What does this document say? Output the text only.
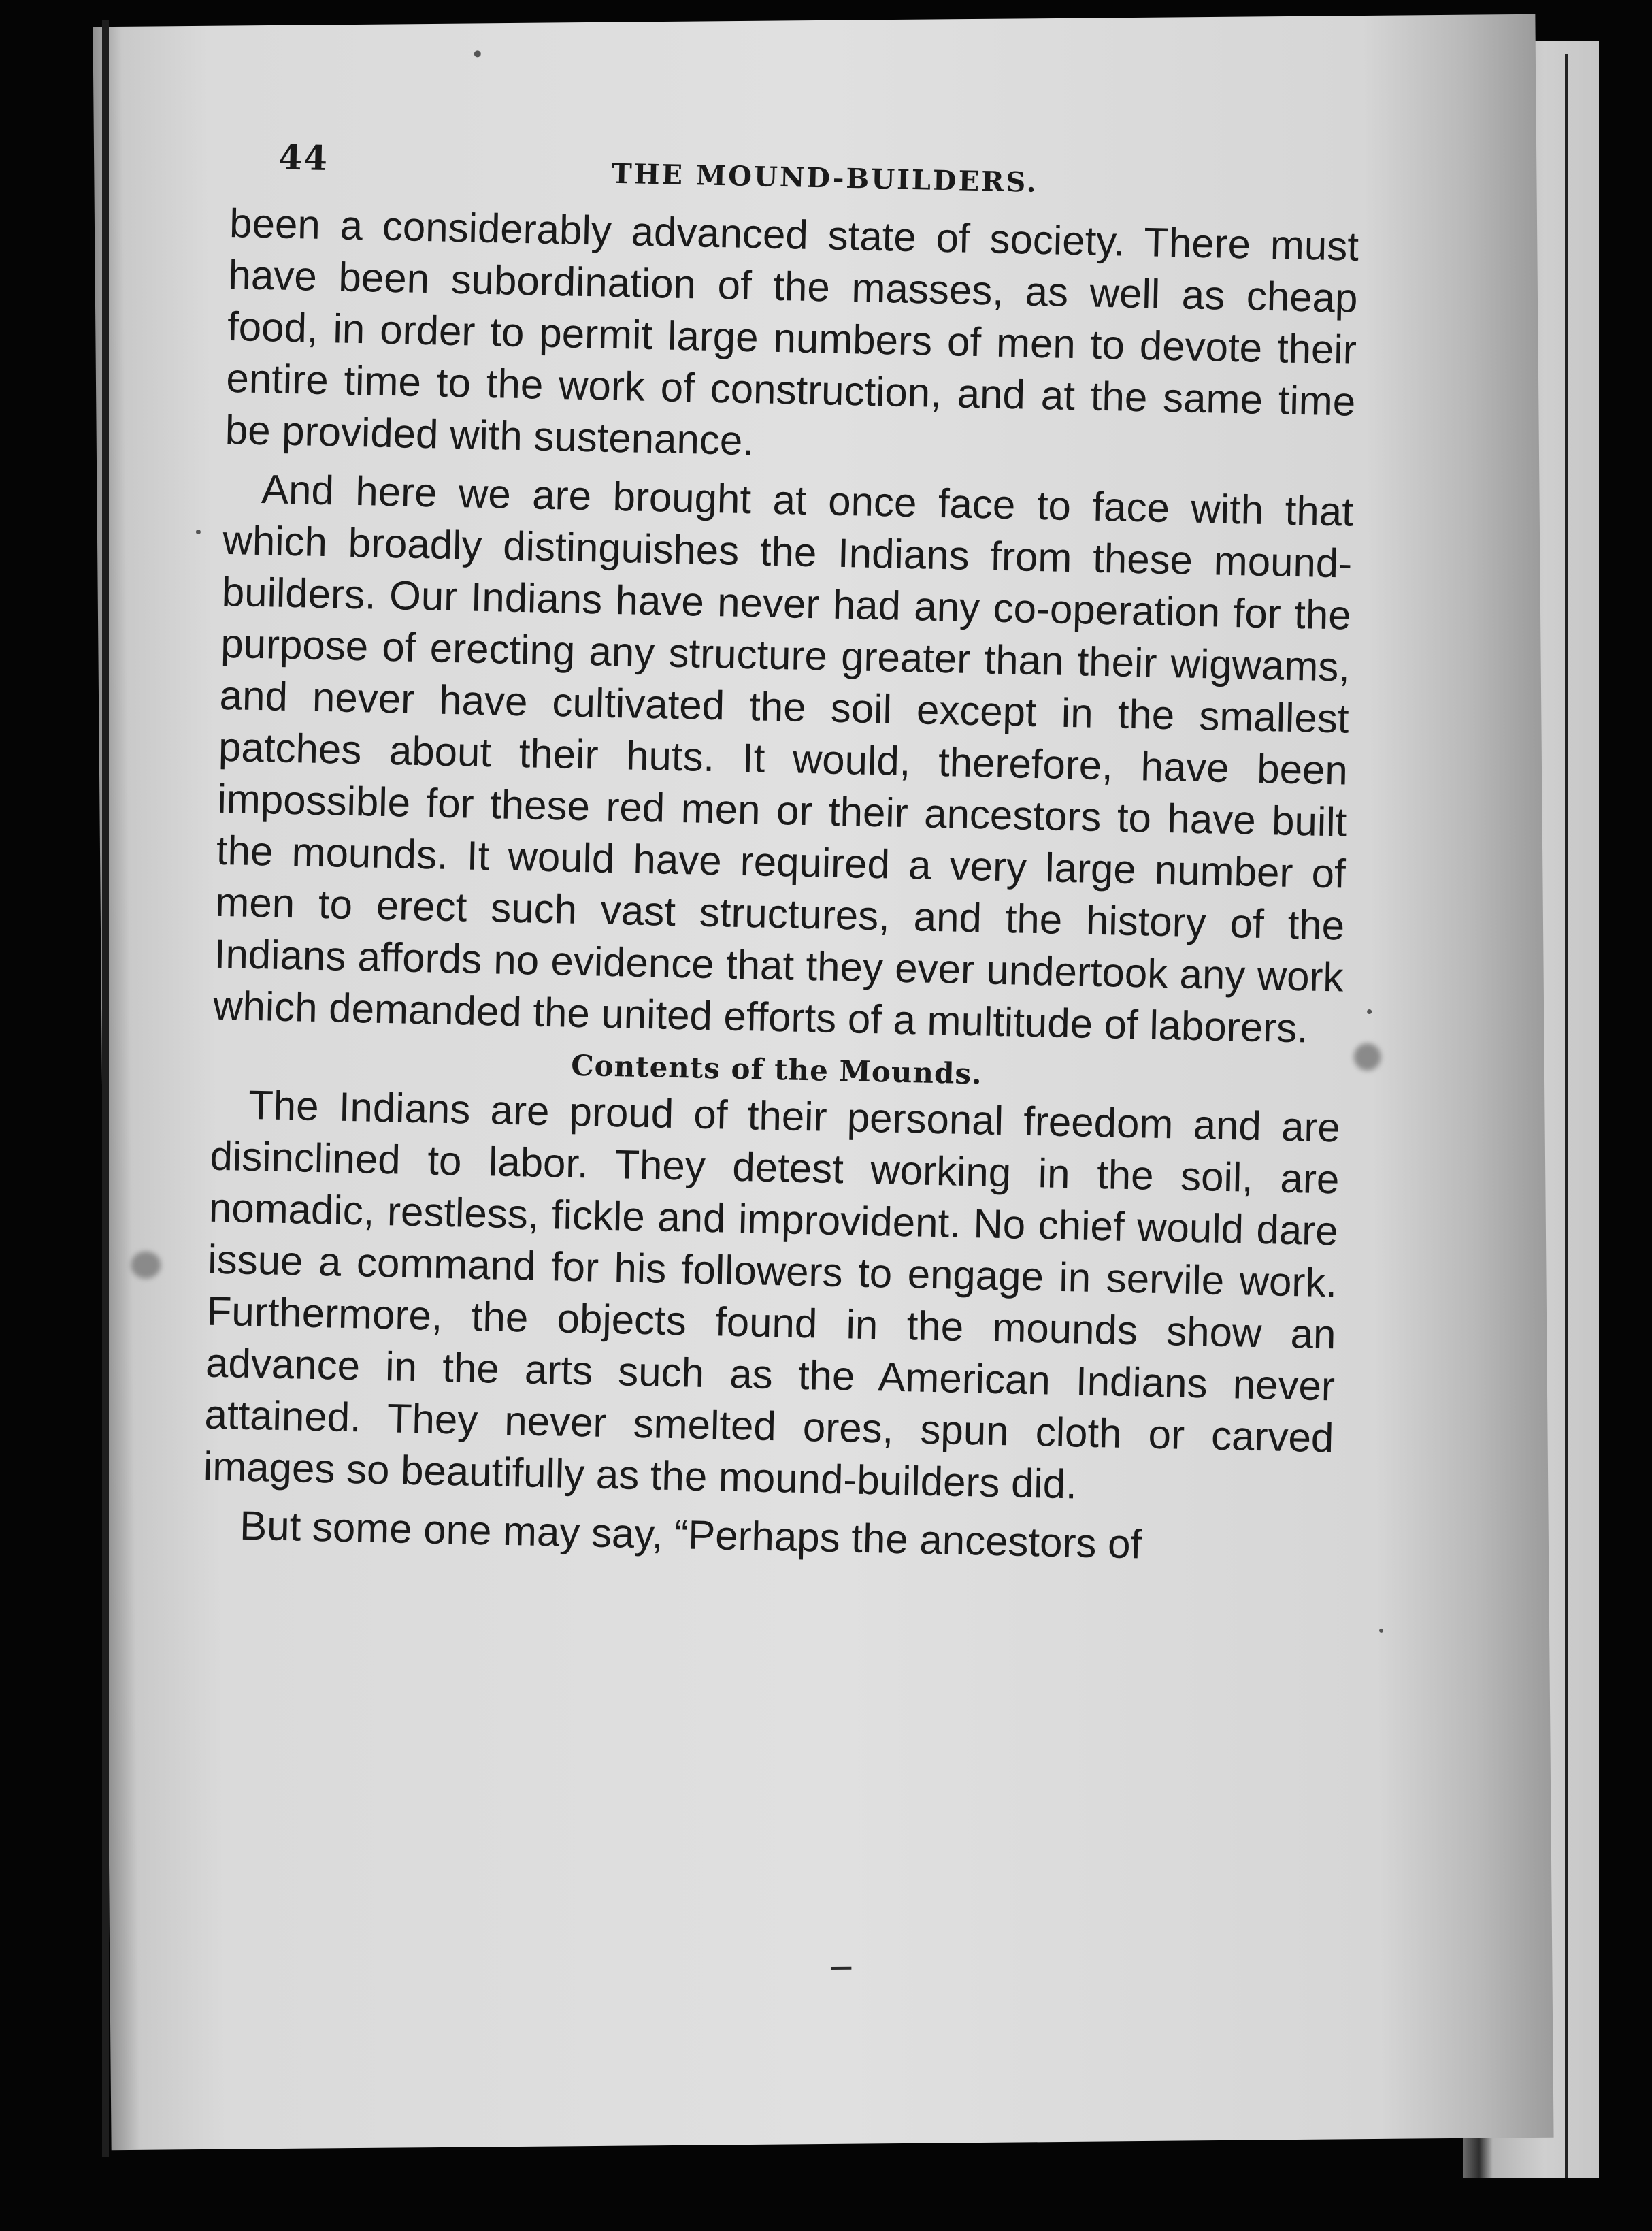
44	THE MOUND-BUILDERS.

been a considerably advanced state of society. There must have been subordination of the masses, as well as cheap food, in order to permit large numbers of men to devote their entire time to the work of construction, and at the same time be provided with sustenance.

And here we are brought at once face to face with that which broadly distinguishes the Indians from these mound-builders. Our Indians have never had any co-operation for the purpose of erecting any structure greater than their wigwams, and never have cultivated the soil except in the smallest patches about their huts. It would, therefore, have been impossible for these red men or their ancestors to have built the mounds. It would have required a very large number of men to erect such vast structures, and the history of the Indians affords no evidence that they ever undertook any work which demanded the united efforts of a multitude of laborers.

Contents of the Mounds.

The Indians are proud of their personal freedom and are disinclined to labor. They detest working in the soil, are nomadic, restless, fickle and improvident. No chief would dare issue a command for his followers to engage in servile work. Furthermore, the objects found in the mounds show an advance in the arts such as the American Indians never attained. They never smelted ores, spun cloth or carved images so beautifully as the mound-builders did.

But some one may say, “Perhaps the ancestors of
